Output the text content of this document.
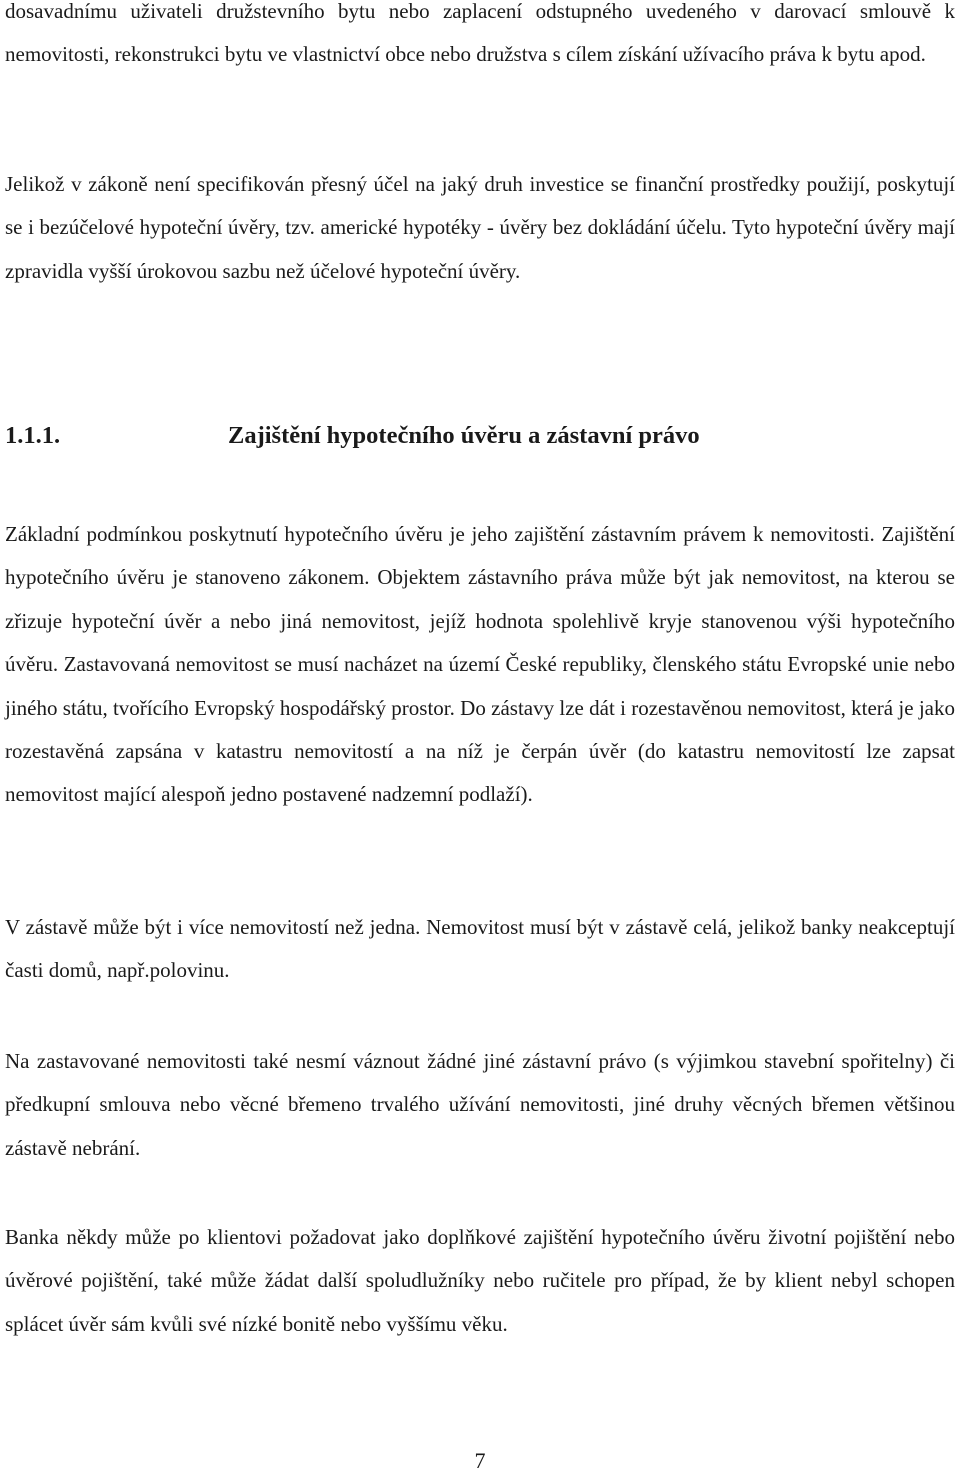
dosavadnímu uživateli družstevního bytu nebo zaplacení odstupného uvedeného v darovací smlouvě k nemovitosti, rekonstrukci bytu ve vlastnictví obce nebo družstva s cílem získání užívacího práva k bytu apod.

Jelikož v zákoně není specifikován přesný účel na jaký druh investice se finanční prostředky použijí, poskytují se i bezúčelové hypoteční úvěry, tzv. americké hypotéky - úvěry bez dokládání účelu. Tyto hypoteční úvěry mají zpravidla vyšší úrokovou sazbu než účelové hypoteční úvěry.

1.1.1.	Zajištění hypotečního úvěru a zástavní právo

Základní podmínkou poskytnutí hypotečního úvěru je jeho zajištění zástavním právem k nemovitosti. Zajištění hypotečního úvěru je stanoveno zákonem. Objektem zástavního práva může být jak nemovitost, na kterou se zřizuje hypoteční úvěr a nebo jiná nemovitost, jejíž hodnota spolehlivě kryje stanovenou výši hypotečního úvěru. Zastavovaná nemovitost se musí nacházet na území České republiky, členského státu Evropské unie nebo jiného státu, tvořícího Evropský hospodářský prostor. Do zástavy lze dát i rozestavěnou nemovitost, která je jako rozestavěná zapsána v katastru nemovitostí a na níž je čerpán úvěr (do katastru nemovitostí lze zapsat nemovitost mající alespoň jedno postavené nadzemní podlaží).

V zástavě může být i více nemovitostí než jedna. Nemovitost musí být v zástavě celá, jelikož banky neakceptují časti domů, např.polovinu.

Na zastavované nemovitosti také nesmí váznout žádné jiné zástavní právo (s výjimkou stavební spořitelny) či předkupní smlouva nebo věcné břemeno trvalého užívání nemovitosti, jiné druhy věcných břemen většinou zástavě nebrání.

Banka někdy může po klientovi požadovat jako doplňkové zajištění hypotečního úvěru životní pojištění nebo úvěrové pojištění, také může žádat další spoludlužníky nebo ručitele pro případ, že by klient nebyl schopen splácet úvěr sám kvůli své nízké bonitě nebo vyššímu věku.

7
